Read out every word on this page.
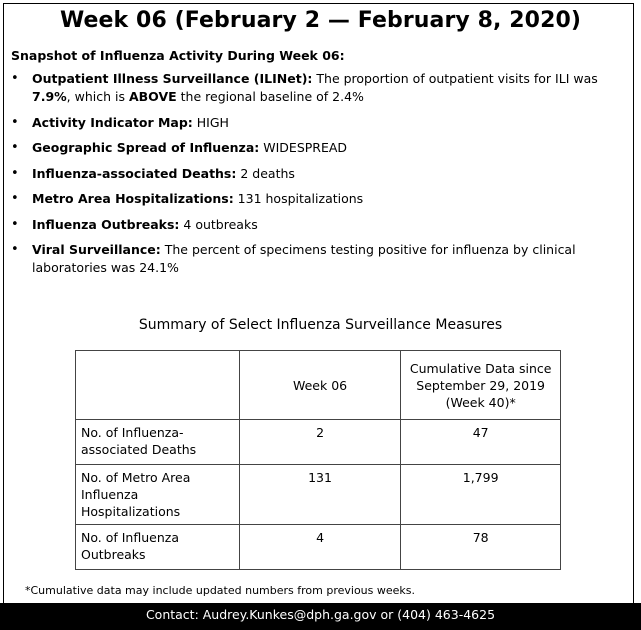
Week 06 (February 2 — February 8, 2020)
Snapshot of Influenza Activity During Week 06:
• Outpatient Illness Surveillance (ILINet): The proportion of outpatient visits for ILI was 7.9%, which is ABOVE the regional baseline of 2.4%
• Activity Indicator Map: HIGH
• Geographic Spread of Influenza: WIDESPREAD
• Influenza-associated Deaths: 2 deaths
• Metro Area Hospitalizations: 131 hospitalizations
• Influenza Outbreaks: 4 outbreaks
• Viral Surveillance: The percent of specimens testing positive for influenza by clinical laboratories was 24.1%
Summary of Select Influenza Surveillance Measures
	Week 06	Cumulative Data since September 29, 2019 (Week 40)*
No. of Influenza-associated Deaths	2	47
No. of Metro Area Influenza Hospitalizations	131	1,799
No. of Influenza Outbreaks	4	78
*Cumulative data may include updated numbers from previous weeks.
Contact: Audrey.Kunkes@dph.ga.gov or (404) 463-4625
